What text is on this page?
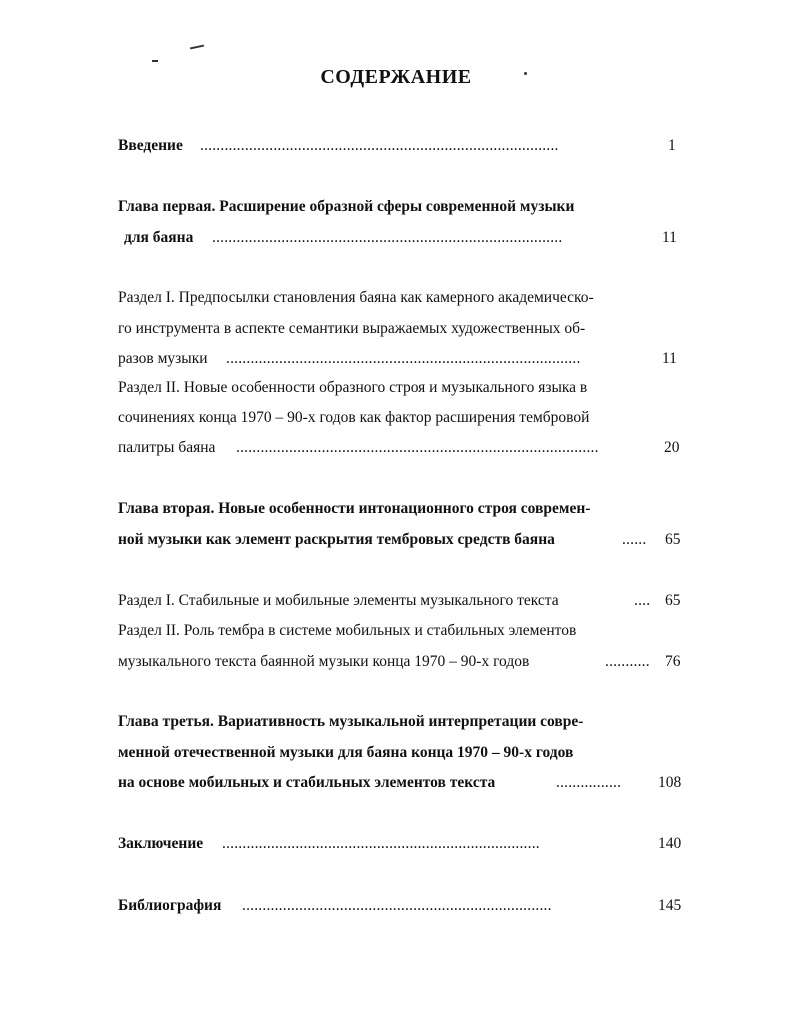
СОДЕРЖАНИЕ
Введение ........................................................................................	1
Глава первая. Расширение образной сферы современной музыки
для баяна ......................................................................................	11
Раздел I. Предпосылки становления баяна как камерного академическо-
го инструмента в аспекте семантики выражаемых художественных об-
разов музыки .......................................................................................	11
Раздел II. Новые особенности образного строя и музыкального языка в
сочинениях конца 1970 – 90-х годов как фактор расширения тембровой
палитры баяна .........................................................................................	20
Глава вторая. Новые особенности интонационного строя современ-
ной музыки как элемент раскрытия тембровых средств баяна	...... 65
Раздел I. Стабильные и мобильные элементы музыкального текста	.... 65
Раздел II. Роль тембра в системе мобильных и стабильных элементов
музыкального текста баянной музыки конца 1970 – 90-х годов	........... 76
Глава третья. Вариативность музыкальной интерпретации совре-
менной отечественной музыки для баяна конца 1970 – 90-х годов
на основе мобильных и стабильных элементов текста	................ 108
Заключение ..............................................................................	140
Библиография ............................................................................	145
